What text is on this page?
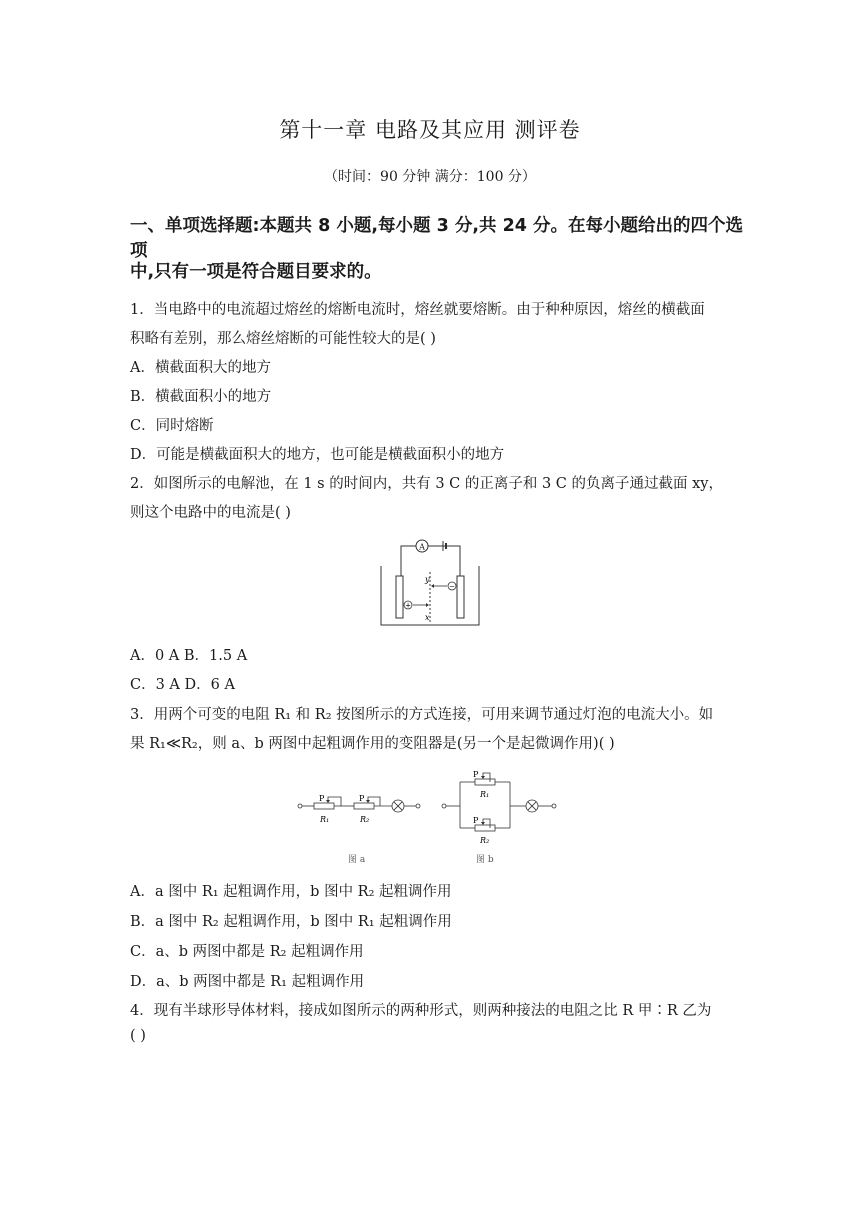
第十一章 电路及其应用 测评卷
（时间：90 分钟 满分：100 分）
一、单项选择题:本题共 8 小题,每小题 3 分,共 24 分。在每小题给出的四个选项
中,只有一项是符合题目要求的。
1．当电路中的电流超过熔丝的熔断电流时，熔丝就要熔断。由于种种原因，熔丝的横截面
积略有差别，那么熔丝熔断的可能性较大的是( )
A．横截面积大的地方
B．横截面积小的地方
C．同时熔断
D．可能是横截面积大的地方，也可能是横截面积小的地方
2．如图所示的电解池，在 1 s 的时间内，共有 3 C 的正离子和 3 C 的负离子通过截面 xy，
则这个电路中的电流是( )
A
y
x
+
−
A．0 A B．1.5 A
C．3 A D．6 A
3．用两个可变的电阻 R₁ 和 R₂ 按图所示的方式连接，可用来调节通过灯泡的电流大小。如
果 R₁≪R₂，则 a、b 两图中起粗调作用的变阻器是(另一个是起微调作用)( )
P
R₁
P
R₂
图 a
P
R₁
P
R₂
图 b
A．a 图中 R₁ 起粗调作用，b 图中 R₂ 起粗调作用
B．a 图中 R₂ 起粗调作用，b 图中 R₁ 起粗调作用
C．a、b 两图中都是 R₂ 起粗调作用
D．a、b 两图中都是 R₁ 起粗调作用
4．现有半球形导体材料，接成如图所示的两种形式，则两种接法的电阻之比 R 甲∶R 乙为
( )
